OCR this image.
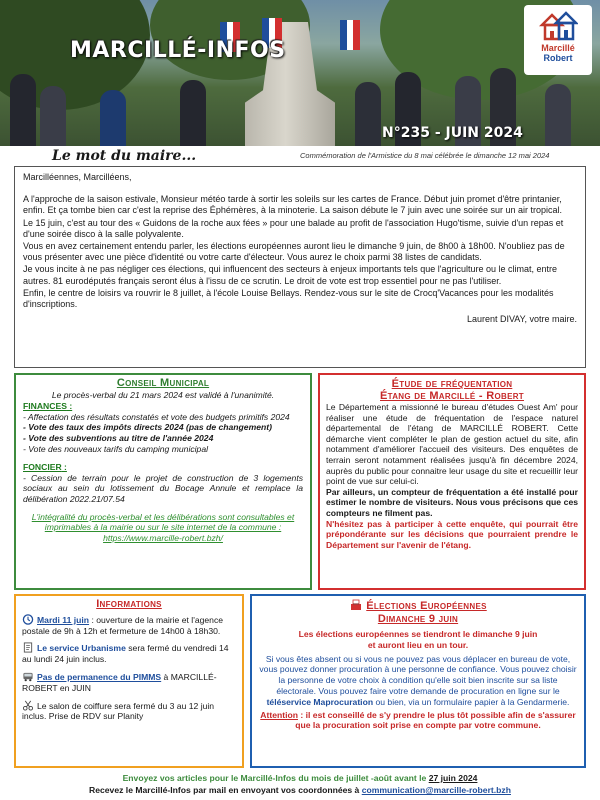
MARCILLÉ-INFOS
N°235 - JUIN 2024
Marcillé
Robert
Le mot du maire...	Commémoration de l'Armistice du 8 mai célébrée le dimanche 12 mai 2024

Marcilléennes, Marcilléens,

A l'approche de la saison estivale, Monsieur météo tarde à sortir les soleils sur les cartes de France. Début juin promet d'être printanier, enfin. Et ça tombe bien car c'est la reprise des Éphémères, à la minoterie. La saison débute le 7 juin avec une soirée sur un air tropical.

Le 15 juin, c'est au tour des « Guidons de la roche aux fées » pour une balade au profit de l'association Hugo'tisme, suivie d'un repas et d'une soirée disco à la salle polyvalente.

Vous en avez certainement entendu parler, les élections européennes auront lieu le dimanche 9 juin, de 8h00 à 18h00. N'oubliez pas de vous présenter avec une pièce d'identité ou votre carte d'électeur. Vous aurez le choix parmi 38 listes de candidats.

Je vous incite à ne pas négliger ces élections, qui influencent des secteurs à enjeux importants tels que l'agriculture ou le climat, entre autres. 81 eurodéputés français seront élus à l'issu de ce scrutin. Le droit de vote est trop essentiel pour ne pas l'utiliser.

Enfin, le centre de loisirs va rouvrir le 8 juillet, à l'école Louise Bellays. Rendez-vous sur le site de Crocq'Vacances pour les modalités d'inscriptions.

Laurent DIVAY, votre maire.

Conseil Municipal
Le procès-verbal du 21 mars 2024 est validé à l'unanimité.
FINANCES :
- Affectation des résultats constatés et vote des budgets primitifs 2024
- Vote des taux des impôts directs 2024 (pas de changement)
- Vote des subventions au titre de l'année 2024
- Vote des nouveaux tarifs du camping municipal
FONCIER :
- Cession de terrain pour le projet de construction de 3 logements sociaux au sein du lotissement du Bocage Annule et remplace la délibération 2022.21/07.54
L'intégralité du procès-verbal et les délibérations sont consultables et imprimables à la mairie ou sur le site internet de la commune : https://www.marcille-robert.bzh/
Étude de fréquentation
Étang de Marcillé - Robert

Le Département a missionné le bureau d'études Ouest Am' pour réaliser une étude de fréquentation de l'espace naturel départemental de l'étang de MARCILLÉ ROBERT. Cette démarche vient compléter le plan de gestion actuel du site, afin notamment d'améliorer l'accueil des visiteurs. Des enquêtes de terrain seront notamment réalisées jusqu'à fin décembre 2024, auprès du public pour connaitre leur usage du site et recueillir leur point de vue sur celui-ci.

Par ailleurs, un compteur de fréquentation a été installé pour estimer le nombre de visiteurs. Nous vous précisons que ces compteurs ne filment pas.

N'hésitez pas à participer à cette enquête, qui pourrait être prépondérante sur les décisions que pourraient prendre le Département sur l'avenir de l'étang.

Informations
Mardi 11 juin : ouverture de la mairie et l'agence postale de 9h à 12h et fermeture de 14h00 à 18h30.
Le service Urbanisme sera fermé du vendredi 14 au lundi 24 juin inclus.
Pas de permanence du PIMMS à MARCILLÉ-ROBERT en JUIN
Le salon de coiffure sera fermé du 3 au 12 juin inclus. Prise de RDV sur Planity
Élections Européennes
Dimanche 9 juin
Les élections européennes se tiendront le dimanche 9 juin
et auront lieu en un tour.
Si vous êtes absent ou si vous ne pouvez pas vous déplacer en bureau de vote, vous pouvez donner procuration à une personne de confiance. Vous pouvez choisir la personne de votre choix à condition qu'elle soit bien inscrite sur sa liste électorale. Vous pouvez faire votre demande de procuration en ligne sur le téléservice Maprocuration ou bien, via un formulaire papier à la Gendarmerie.
Attention : il est conseillé de s'y prendre le plus tôt possible afin de s'assurer que la procuration soit prise en compte par votre commune.
Envoyez vos articles pour le Marcillé-Infos du mois de juillet -août avant le 27 juin 2024
Recevez le Marcillé-Infos par mail en envoyant vos coordonnées à communication@marcille-robert.bzh
